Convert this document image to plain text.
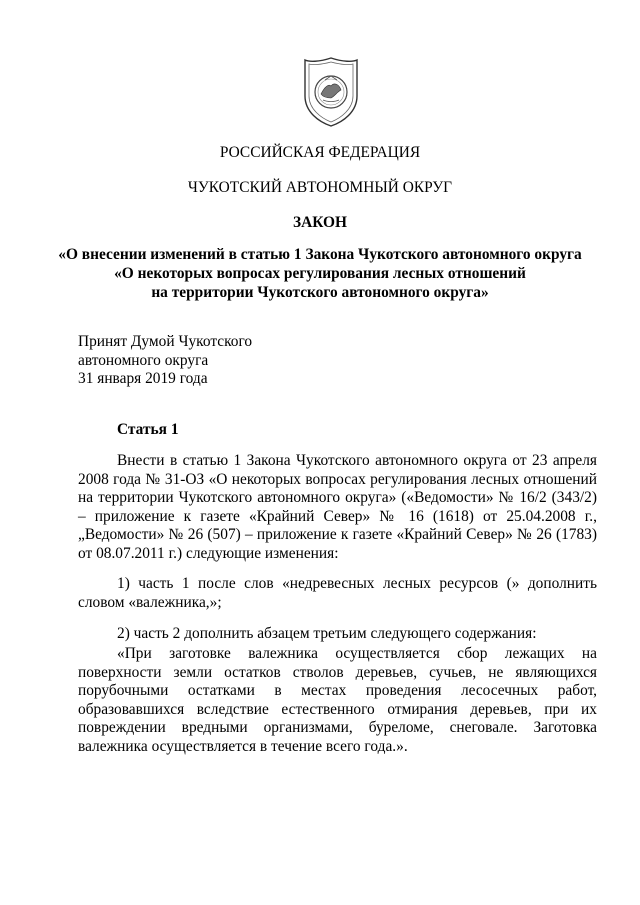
РОССИЙСКАЯ ФЕДЕРАЦИЯ
ЧУКОТСКИЙ АВТОНОМНЫЙ ОКРУГ
ЗАКОН
«О внесении изменений в статью 1 Закона Чукотского автономного округа
«О некоторых вопросах регулирования лесных отношений
на территории Чукотского автономного округа»
Принят Думой Чукотского
автономного округа
31 января 2019 года
Статья 1
Внести в статью 1 Закона Чукотского автономного округа от 23 апреля 2008 года № 31-ОЗ «О некоторых вопросах регулирования лесных отношений на территории Чукотского автономного округа» («Ведомости» № 16/2 (343/2) – приложение к газете «Крайний Север» № 16 (1618) от 25.04.2008 г., „Ведомости» № 26 (507) – приложение к газете «Крайний Север» № 26 (1783) от 08.07.2011 г.) следующие изменения:
1) часть 1 после слов «недревесных лесных ресурсов (» дополнить словом «валежника,»;
2) часть 2 дополнить абзацем третьим следующего содержания:
«При заготовке валежника осуществляется сбор лежащих на поверхности земли остатков стволов деревьев, сучьев, не являющихся порубочными остатками в местах проведения лесосечных работ, образовавшихся вследствие естественного отмирания деревьев, при их повреждении вредными организмами, буреломе, снеговале. Заготовка валежника осуществляется в течение всего года.».
